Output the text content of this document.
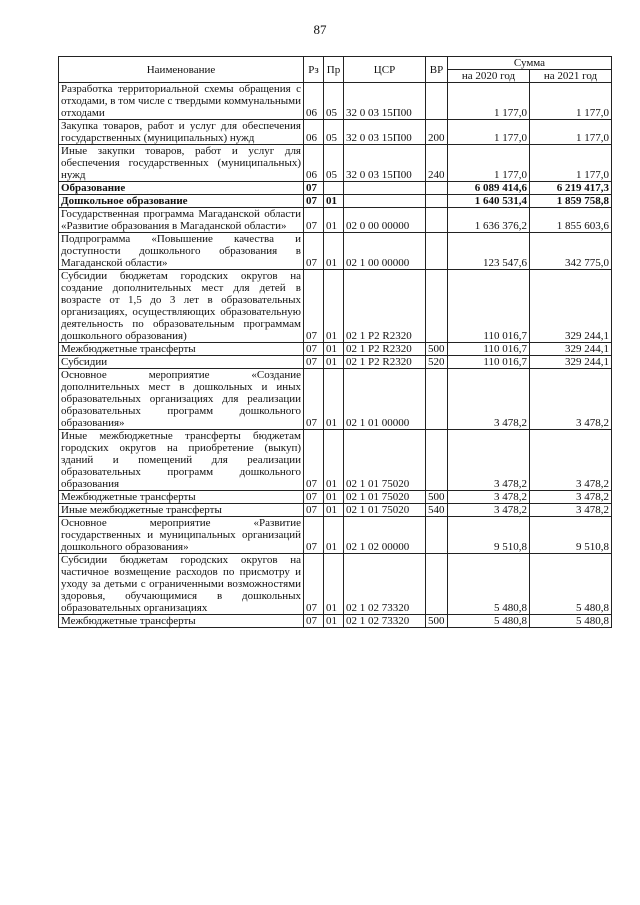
87
Наименование	Рз	Пр	ЦСР	ВР	Сумма	
					на 2020 год	на 2021 год
Разработка территориальной схемы обращения с отходами, в том числе с твердыми коммунальными отходами	06	05	32 0 03 15П00		1 177,0	1 177,0
Закупка товаров, работ и услуг для обеспечения государственных (муниципальных) нужд	06	05	32 0 03 15П00	200	1 177,0	1 177,0
Иные закупки товаров, работ и услуг для обеспечения государственных (муниципальных) нужд	06	05	32 0 03 15П00	240	1 177,0	1 177,0
Образование	07				6 089 414,6	6 219 417,3
Дошкольное образование	07	01			1 640 531,4	1 859 758,8
Государственная программа Магаданской области «Развитие образования в Магаданской области»	07	01	02 0 00 00000		1 636 376,2	1 855 603,6
Подпрограмма «Повышение качества и доступности дошкольного образования в Магаданской области»	07	01	02 1 00 00000		123 547,6	342 775,0
Субсидии бюджетам городских округов на создание дополнительных мест для детей в возрасте от 1,5 до 3 лет в образовательных организациях, осуществляющих образовательную деятельность по образовательным программам дошкольного образования)	07	01	02 1 P2 R2320		110 016,7	329 244,1
Межбюджетные трансферты	07	01	02 1 P2 R2320	500	110 016,7	329 244,1
Субсидии	07	01	02 1 P2 R2320	520	110 016,7	329 244,1
Основное мероприятие «Создание дополнительных мест в дошкольных и иных образовательных организациях для реализации образовательных программ дошкольного образования»	07	01	02 1 01 00000		3 478,2	3 478,2
Иные межбюджетные трансферты бюджетам городских округов на приобретение (выкуп) зданий и помещений для реализации образовательных программ дошкольного образования	07	01	02 1 01 75020		3 478,2	3 478,2
Межбюджетные трансферты	07	01	02 1 01 75020	500	3 478,2	3 478,2
Иные межбюджетные трансферты	07	01	02 1 01 75020	540	3 478,2	3 478,2
Основное мероприятие «Развитие государственных и муниципальных организаций дошкольного образования»	07	01	02 1 02 00000		9 510,8	9 510,8
Субсидии бюджетам городских округов на частичное возмещение расходов по присмотру и уходу за детьми с ограниченными возможностями здоровья, обучающимися в дошкольных образовательных организациях	07	01	02 1 02 73320		5 480,8	5 480,8
Межбюджетные трансферты	07	01	02 1 02 73320	500	5 480,8	5 480,8
